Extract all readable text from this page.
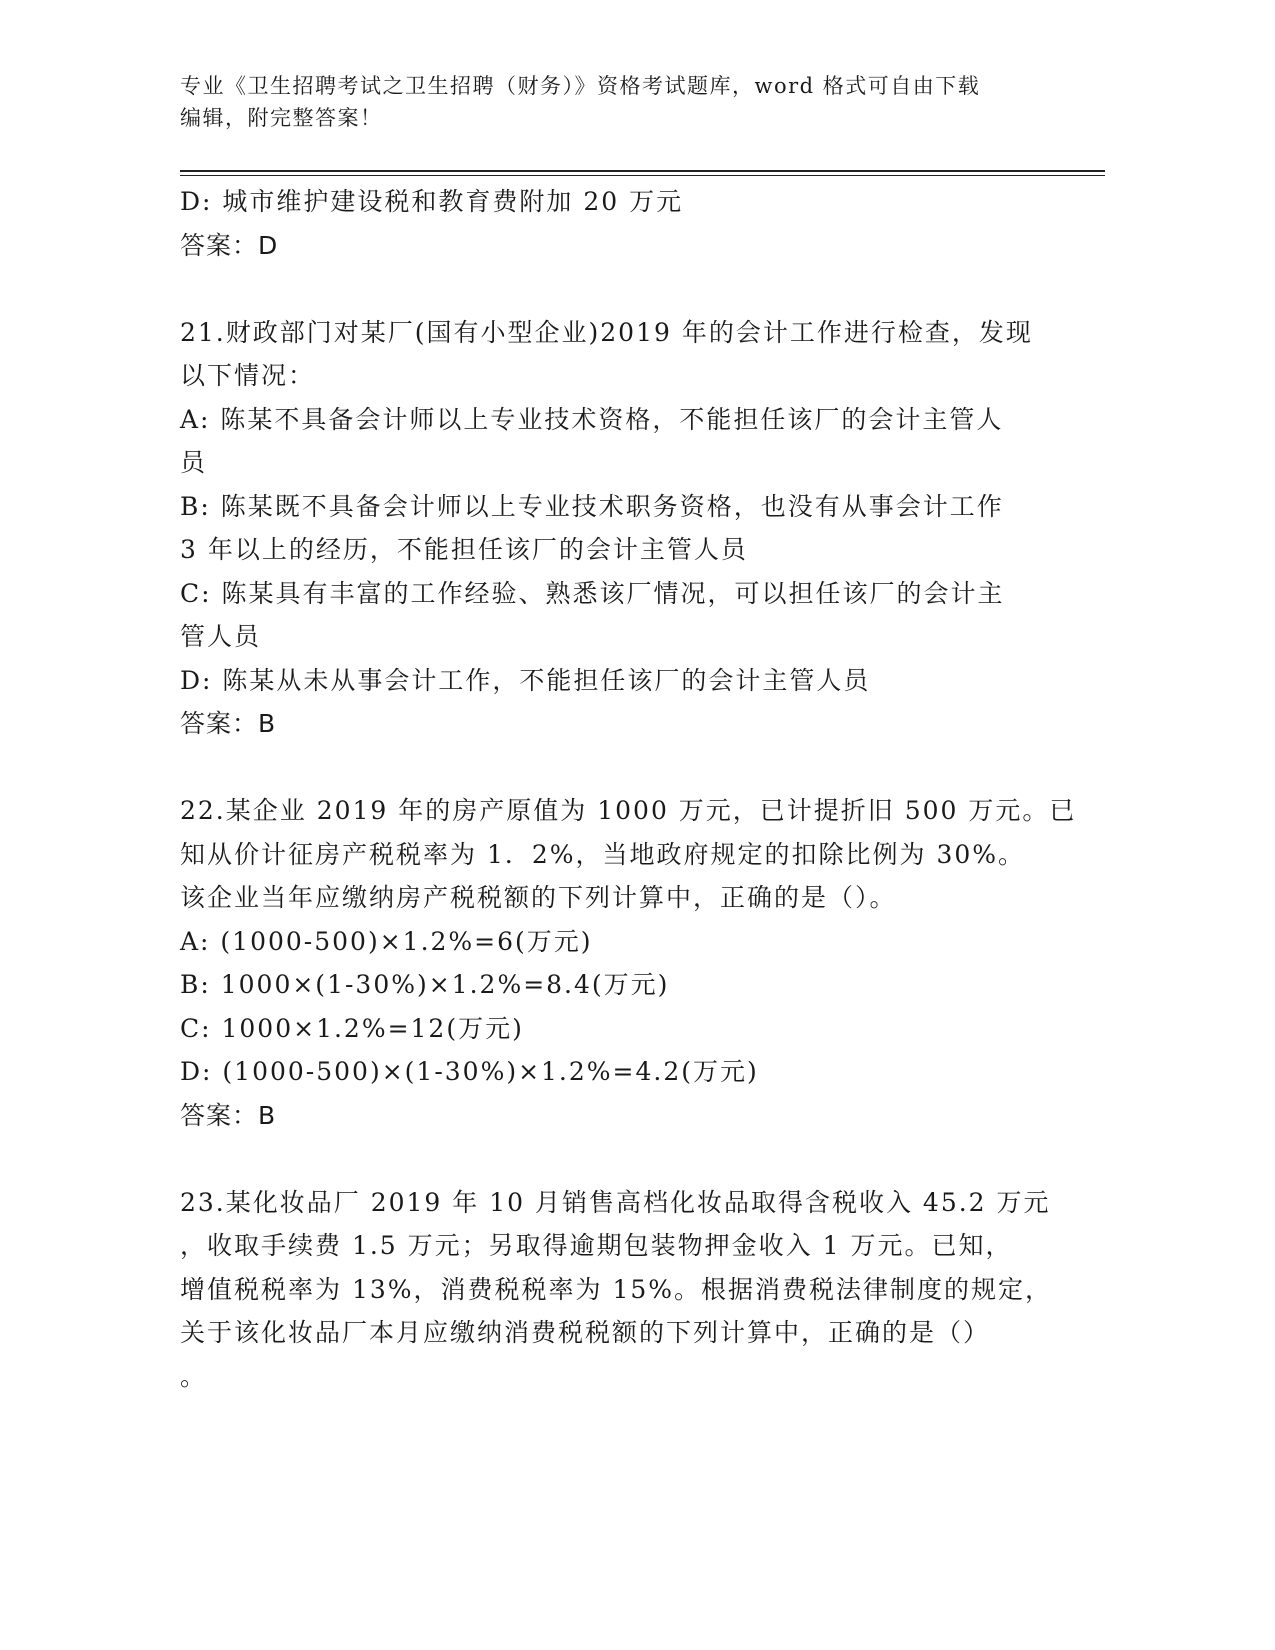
专业《卫生招聘考试之卫生招聘（财务）》资格考试题库，word 格式可自由下载
编辑，附完整答案！
D: 城市维护建设税和教育费附加 20 万元
答案：D
21.财政部门对某厂(国有小型企业)2019 年的会计工作进行检查，发现
以下情况：
A: 陈某不具备会计师以上专业技术资格，不能担任该厂的会计主管人
员
B: 陈某既不具备会计师以上专业技术职务资格，也没有从事会计工作
3 年以上的经历，不能担任该厂的会计主管人员
C: 陈某具有丰富的工作经验、熟悉该厂情况，可以担任该厂的会计主
管人员
D: 陈某从未从事会计工作，不能担任该厂的会计主管人员
答案：B
22.某企业 2019 年的房产原值为 1000 万元，已计提折旧 500 万元。已
知从价计征房产税税率为 1．2%，当地政府规定的扣除比例为 30%。
该企业当年应缴纳房产税税额的下列计算中，正确的是（）。
A: (1000-500)×1.2%=6(万元)
B: 1000×(1-30%)×1.2%=8.4(万元)
C: 1000×1.2%=12(万元)
D: (1000-500)×(1-30%)×1.2%=4.2(万元)
答案：B
23.某化妆品厂 2019 年 10 月销售高档化妆品取得含税收入 45.2 万元
，收取手续费 1.5 万元；另取得逾期包装物押金收入 1 万元。已知，
增值税税率为 13%，消费税税率为 15%。根据消费税法律制度的规定，
关于该化妆品厂本月应缴纳消费税税额的下列计算中，正确的是（）
。
